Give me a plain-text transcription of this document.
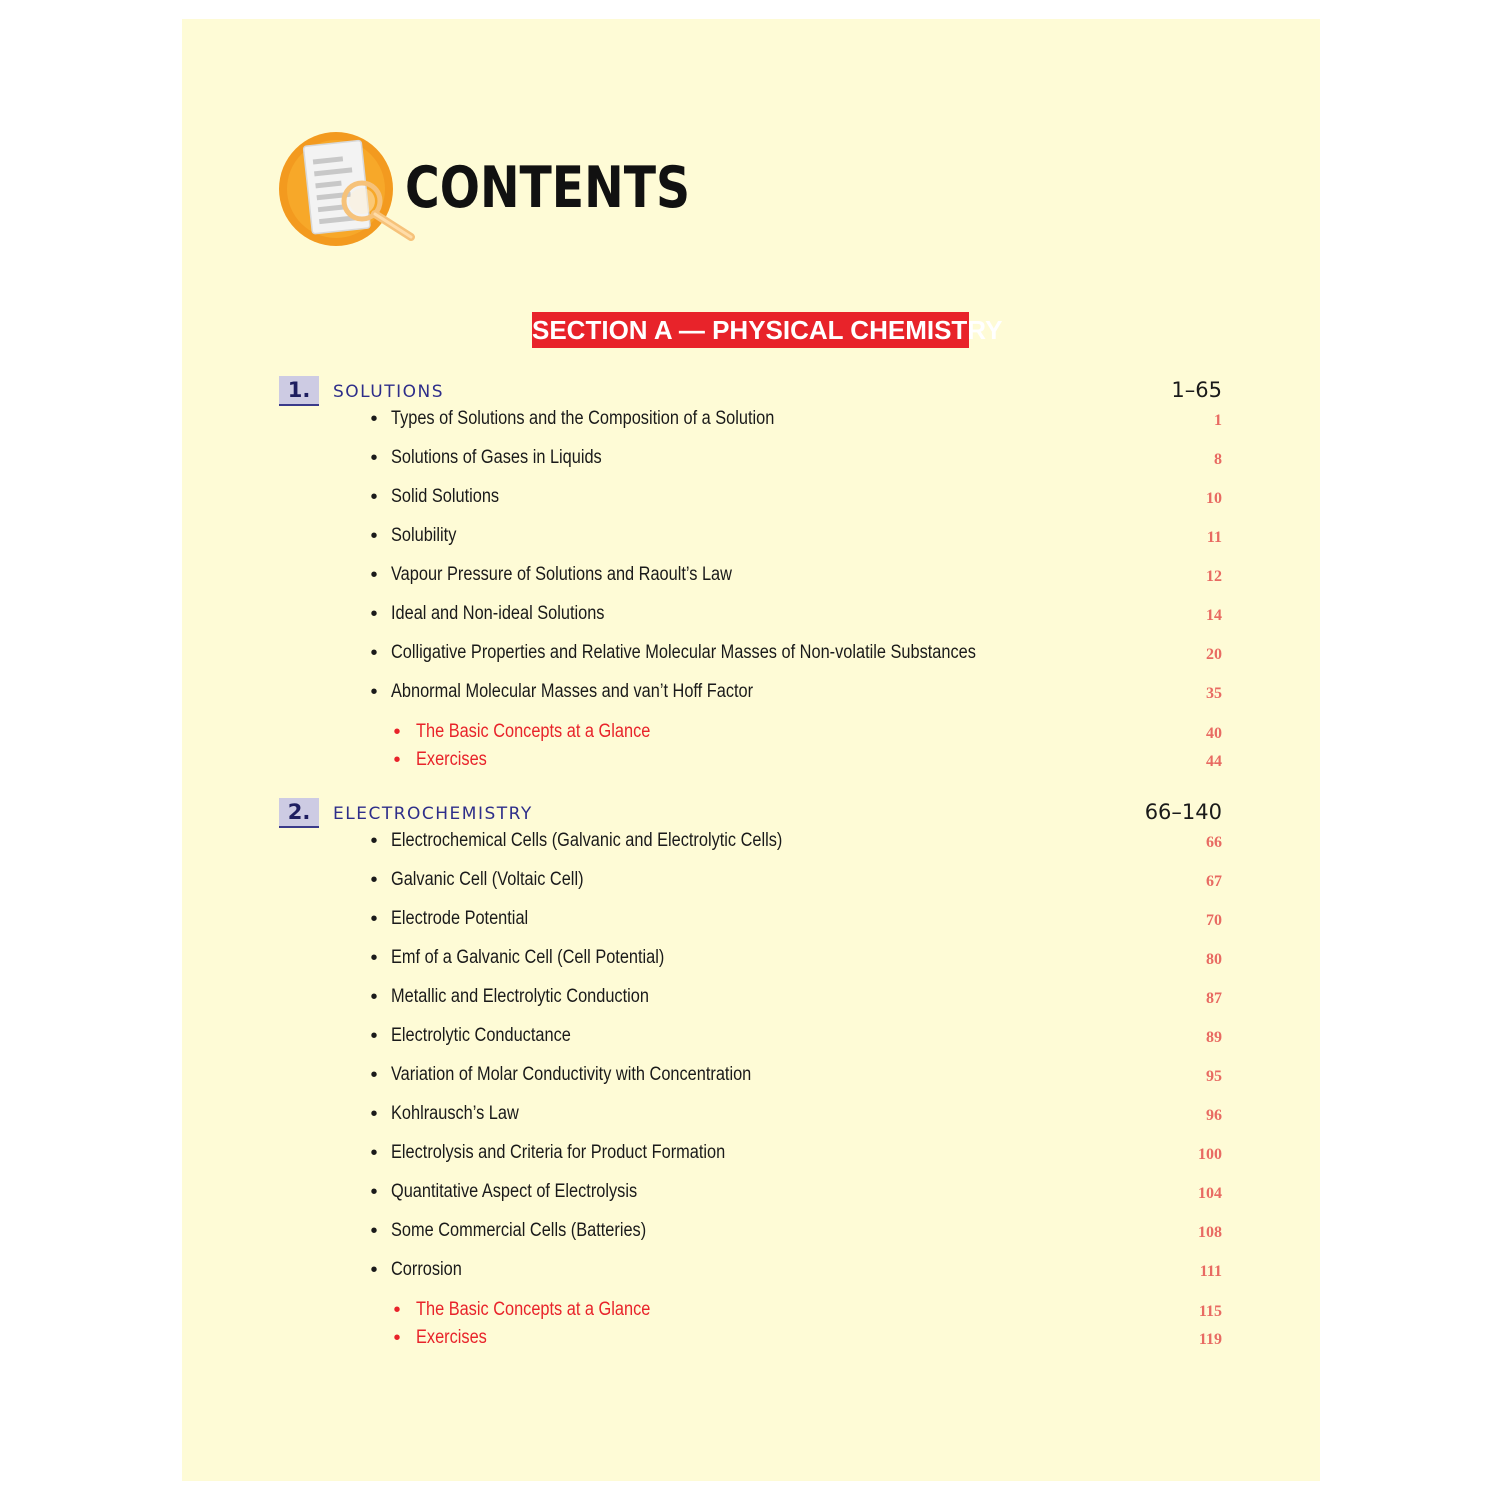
CONTENTS
SECTION A — PHYSICAL CHEMISTRY
1.	SOLUTIONS	1–65
• Types of Solutions and the Composition of a Solution	1
• Solutions of Gases in Liquids	8
• Solid Solutions	10
• Solubility	11
• Vapour Pressure of Solutions and Raoult’s Law	12
• Ideal and Non-ideal Solutions	14
• Colligative Properties and Relative Molecular Masses of Non-volatile Substances	20
• Abnormal Molecular Masses and van’t Hoff Factor	35
• The Basic Concepts at a Glance	40
• Exercises	44
2.	ELECTROCHEMISTRY	66–140
• Electrochemical Cells (Galvanic and Electrolytic Cells)	66
• Galvanic Cell (Voltaic Cell)	67
• Electrode Potential	70
• Emf of a Galvanic Cell (Cell Potential)	80
• Metallic and Electrolytic Conduction	87
• Electrolytic Conductance	89
• Variation of Molar Conductivity with Concentration	95
• Kohlrausch’s Law	96
• Electrolysis and Criteria for Product Formation	100
• Quantitative Aspect of Electrolysis	104
• Some Commercial Cells (Batteries)	108
• Corrosion	111
• The Basic Concepts at a Glance	115
• Exercises	119
